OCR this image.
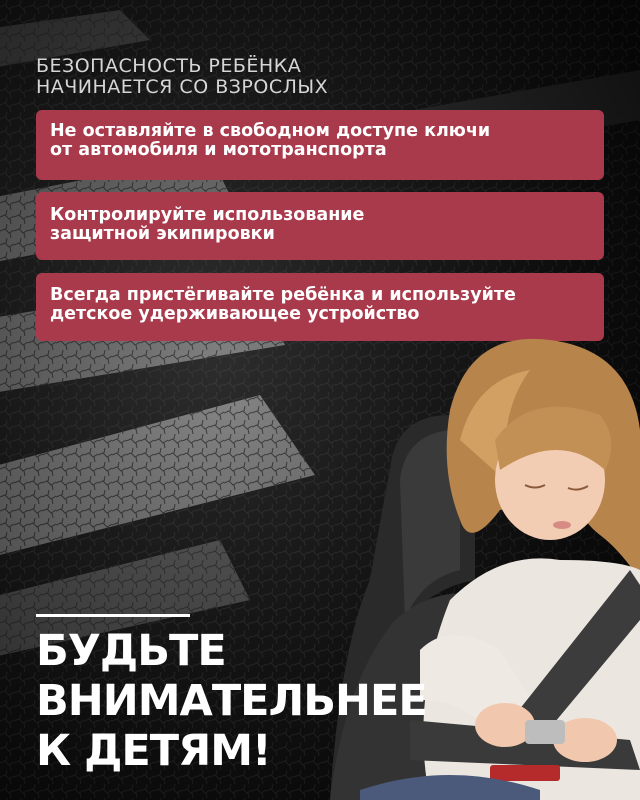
БЕЗОПАСНОСТЬ РЕБЁНКА
НАЧИНАЕТСЯ СО ВЗРОСЛЫХ
Не оставляйте в свободном доступе ключи
от автомобиля и мототранспорта
Контролируйте использование
защитной экипировки
Всегда пристёгивайте ребёнка и используйте
детское удерживающее устройство
БУДЬТЕ
ВНИМАТЕЛЬНЕЕ
К ДЕТЯМ!
